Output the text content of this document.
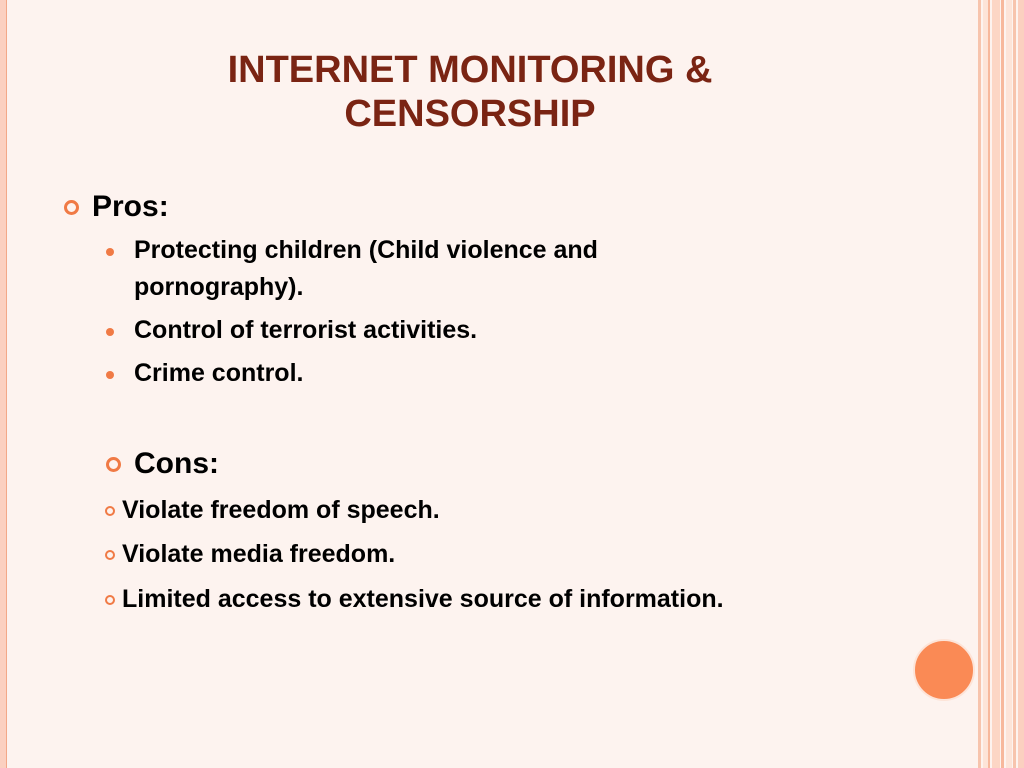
INTERNET MONITORING &
CENSORSHIP
Pros:
Protecting children (Child violence and
pornography).
Control of terrorist activities.
Crime control.
Cons:
Violate freedom of speech.
Violate media freedom.
Limited access to extensive source of information.
